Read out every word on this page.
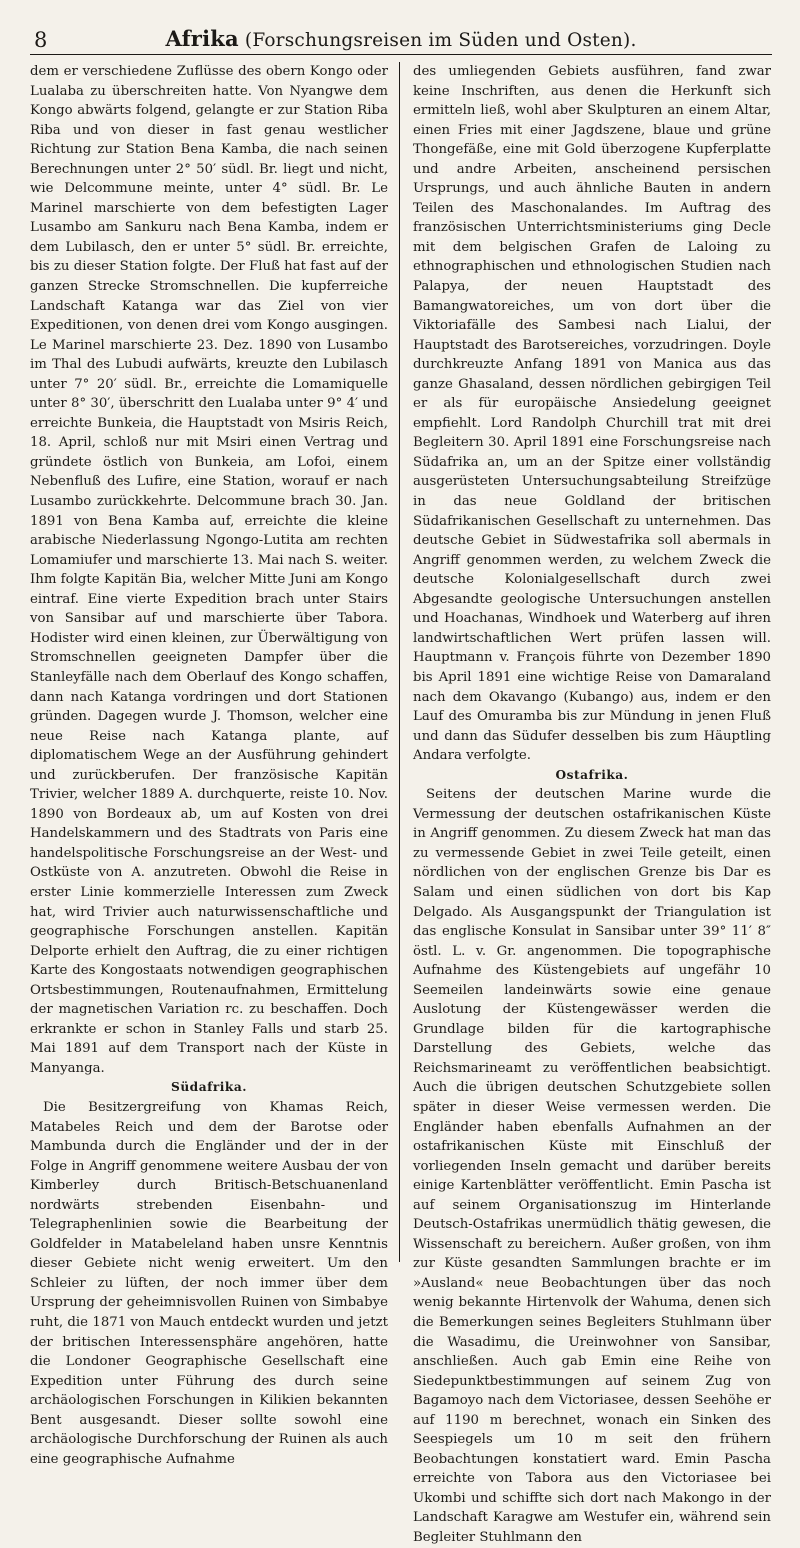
8	Afrika (Forschungsreisen im Süden und Osten).

dem er verschiedene Zuflüsse des obern Kongo oder Lualaba zu überschreiten hatte. Von Nyangwe dem Kongo abwärts folgend, gelangte er zur Station Riba Riba und von dieser in fast genau westlicher Richtung zur Station Bena Kamba, die nach seinen Berechnungen unter 2° 50′ südl. Br. liegt und nicht, wie Delcommune meinte, unter 4° südl. Br. Le Marinel marschierte von dem befestigten Lager Lusambo am Sankuru nach Bena Kamba, indem er dem Lubilasch, den er unter 5° südl. Br. erreichte, bis zu dieser Station folgte. Der Fluß hat fast auf der ganzen Strecke Stromschnellen. Die kupferreiche Landschaft Katanga war das Ziel von vier Expeditionen, von denen drei vom Kongo ausgingen. Le Marinel marschierte 23. Dez. 1890 von Lusambo im Thal des Lubudi aufwärts, kreuzte den Lubilasch unter 7° 20′ südl. Br., erreichte die Lomamiquelle unter 8° 30′, überschritt den Lualaba unter 9° 4′ und erreichte Bunkeia, die Hauptstadt von Msiris Reich, 18. April, schloß nur mit Msiri einen Vertrag und gründete östlich von Bunkeia, am Lofoi, einem Nebenfluß des Lufire, eine Station, worauf er nach Lusambo zurückkehrte. Delcommune brach 30. Jan. 1891 von Bena Kamba auf, erreichte die kleine arabische Niederlassung Ngongo-Lutita am rechten Lomamiufer und marschierte 13. Mai nach S. weiter. Ihm folgte Kapitän Bia, welcher Mitte Juni am Kongo eintraf. Eine vierte Expedition brach unter Stairs von Sansibar auf und marschierte über Tabora. Hodister wird einen kleinen, zur Überwältigung von Stromschnellen geeigneten Dampfer über die Stanleyfälle nach dem Oberlauf des Kongo schaffen, dann nach Katanga vordringen und dort Stationen gründen. Dagegen wurde J. Thomson, welcher eine neue Reise nach Katanga plante, auf diplomatischem Wege an der Ausführung gehindert und zurückberufen. Der französische Kapitän Trivier, welcher 1889 A. durchquerte, reiste 10. Nov. 1890 von Bordeaux ab, um auf Kosten von drei Handelskammern und des Stadtrats von Paris eine handelspolitische Forschungsreise an der West- und Ostküste von A. anzutreten. Obwohl die Reise in erster Linie kommerzielle Interessen zum Zweck hat, wird Trivier auch naturwissenschaftliche und geographische Forschungen anstellen. Kapitän Delporte erhielt den Auftrag, die zu einer richtigen Karte des Kongostaats notwendigen geographischen Ortsbestimmungen, Routenaufnahmen, Ermittelung der magnetischen Variation rc. zu beschaffen. Doch erkrankte er schon in Stanley Falls und starb 25. Mai 1891 auf dem Transport nach der Küste in Manyanga.

Südafrika.

Die Besitzergreifung von Khamas Reich, Matabeles Reich und dem der Barotse oder Mambunda durch die Engländer und der in der Folge in Angriff genommene weitere Ausbau der von Kimberley durch Britisch-Betschuanenland nordwärts strebenden Eisenbahn- und Telegraphenlinien sowie die Bearbeitung der Goldfelder in Matabeleland haben unsre Kenntnis dieser Gebiete nicht wenig erweitert. Um den Schleier zu lüften, der noch immer über dem Ursprung der geheimnisvollen Ruinen von Simbabye ruht, die 1871 von Mauch entdeckt wurden und jetzt der britischen Interessensphäre angehören, hatte die Londoner Geographische Gesellschaft eine Expedition unter Führung des durch seine archäologischen Forschungen in Kilikien bekannten Bent ausgesandt. Dieser sollte sowohl eine archäologische Durchforschung der Ruinen als auch eine geographische Aufnahme

des umliegenden Gebiets ausführen, fand zwar keine Inschriften, aus denen die Herkunft sich ermitteln ließ, wohl aber Skulpturen an einem Altar, einen Fries mit einer Jagdszene, blaue und grüne Thongefäße, eine mit Gold überzogene Kupferplatte und andre Arbeiten, anscheinend persischen Ursprungs, und auch ähnliche Bauten in andern Teilen des Maschonalandes. Im Auftrag des französischen Unterrichtsministeriums ging Decle mit dem belgischen Grafen de Laloing zu ethnographischen und ethnologischen Studien nach Palapya, der neuen Hauptstadt des Bamangwatoreiches, um von dort über die Viktoriafälle des Sambesi nach Lialui, der Hauptstadt des Barotsereiches, vorzudringen. Doyle durchkreuzte Anfang 1891 von Manica aus das ganze Ghasaland, dessen nördlichen gebirgigen Teil er als für europäische Ansiedelung geeignet empfiehlt. Lord Randolph Churchill trat mit drei Begleitern 30. April 1891 eine Forschungsreise nach Südafrika an, um an der Spitze einer vollständig ausgerüsteten Untersuchungsabteilung Streifzüge in das neue Goldland der britischen Südafrikanischen Gesellschaft zu unternehmen. Das deutsche Gebiet in Südwestafrika soll abermals in Angriff genommen werden, zu welchem Zweck die deutsche Kolonialgesellschaft durch zwei Abgesandte geologische Untersuchungen anstellen und Hoachanas, Windhoek und Waterberg auf ihren landwirtschaftlichen Wert prüfen lassen will. Hauptmann v. François führte von Dezember 1890 bis April 1891 eine wichtige Reise von Damaraland nach dem Okavango (Kubango) aus, indem er den Lauf des Omuramba bis zur Mündung in jenen Fluß und dann das Südufer desselben bis zum Häuptling Andara verfolgte.

Ostafrika.

Seitens der deutschen Marine wurde die Vermessung der deutschen ostafrikanischen Küste in Angriff genommen. Zu diesem Zweck hat man das zu vermessende Gebiet in zwei Teile geteilt, einen nördlichen von der englischen Grenze bis Dar es Salam und einen südlichen von dort bis Kap Delgado. Als Ausgangspunkt der Triangulation ist das englische Konsulat in Sansibar unter 39° 11′ 8″ östl. L. v. Gr. angenommen. Die topographische Aufnahme des Küstengebiets auf ungefähr 10 Seemeilen landeinwärts sowie eine genaue Auslotung der Küstengewässer werden die Grundlage bilden für die kartographische Darstellung des Gebiets, welche das Reichsmarineamt zu veröffentlichen beabsichtigt. Auch die übrigen deutschen Schutzgebiete sollen später in dieser Weise vermessen werden. Die Engländer haben ebenfalls Aufnahmen an der ostafrikanischen Küste mit Einschluß der vorliegenden Inseln gemacht und darüber bereits einige Kartenblätter veröffentlicht. Emin Pascha ist auf seinem Organisationszug im Hinterlande Deutsch-Ostafrikas unermüdlich thätig gewesen, die Wissenschaft zu bereichern. Außer großen, von ihm zur Küste gesandten Sammlungen brachte er im »Ausland« neue Beobachtungen über das noch wenig bekannte Hirtenvolk der Wahuma, denen sich die Bemerkungen seines Begleiters Stuhlmann über die Wasadimu, die Ureinwohner von Sansibar, anschließen. Auch gab Emin eine Reihe von Siedepunktbestimmungen auf seinem Zug von Bagamoyo nach dem Victoriasee, dessen Seehöhe er auf 1190 m berechnet, wonach ein Sinken des Seespiegels um 10 m seit den frühern Beobachtungen konstatiert ward. Emin Pascha erreichte von Tabora aus den Victoriasee bei Ukombi und schiffte sich dort nach Makongo in der Landschaft Karagwe am Westufer ein, während sein Begleiter Stuhlmann den
